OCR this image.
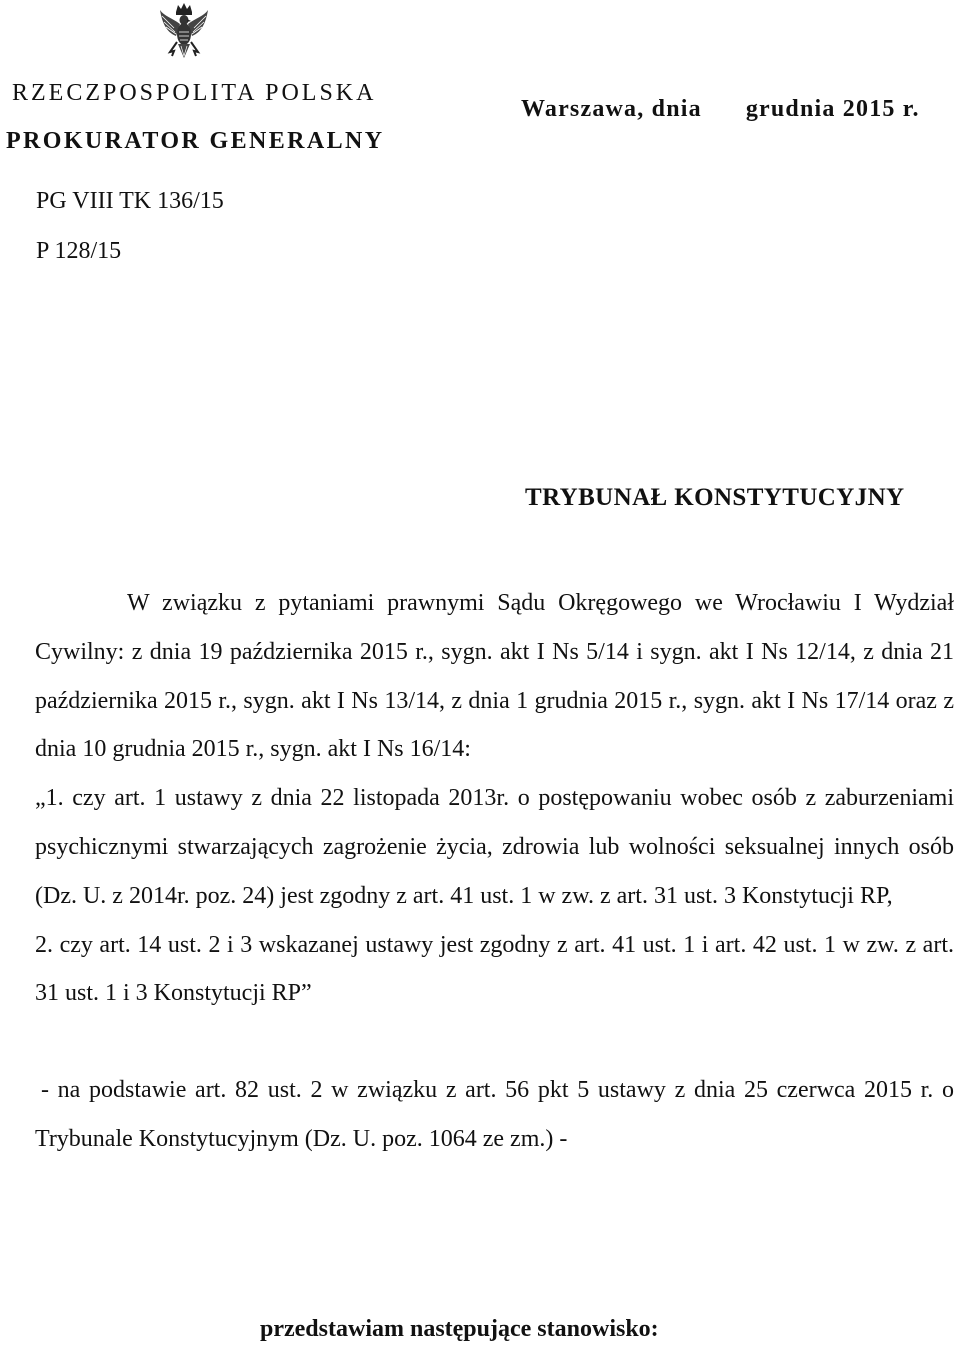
RZECZPOSPOLITA POLSKA
PROKURATOR GENERALNY
Warszawa, dnia grudnia 2015 r.
PG VIII TK 136/15
P 128/15
TRYBUNAŁ KONSTYTUCYJNY

W związku z pytaniami prawnymi Sądu Okręgowego we Wrocławiu I Wydział Cywilny: z dnia 19 października 2015 r., sygn. akt I Ns 5/14 i sygn. akt I Ns 12/14, z dnia 21 października 2015 r., sygn. akt I Ns 13/14, z dnia 1 grudnia 2015 r., sygn. akt I Ns 17/14 oraz z dnia 10 grudnia 2015 r., sygn. akt I Ns 16/14:

„1. czy art. 1 ustawy z dnia 22 listopada 2013r. o postępowaniu wobec osób z zaburzeniami psychicznymi stwarzających zagrożenie życia, zdrowia lub wolności seksualnej innych osób (Dz. U. z 2014r. poz. 24) jest zgodny z art. 41 ust. 1 w zw. z art. 31 ust. 3 Konstytucji RP,

2. czy art. 14 ust. 2 i 3 wskazanej ustawy jest zgodny z art. 41 ust. 1 i art. 42 ust. 1 w zw. z art. 31 ust. 1 i 3 Konstytucji RP”

- na podstawie art. 82 ust. 2 w związku z art. 56 pkt 5 ustawy z dnia 25 czerwca 2015 r. o Trybunale Konstytucyjnym (Dz. U. poz. 1064 ze zm.) -

przedstawiam następujące stanowisko:
